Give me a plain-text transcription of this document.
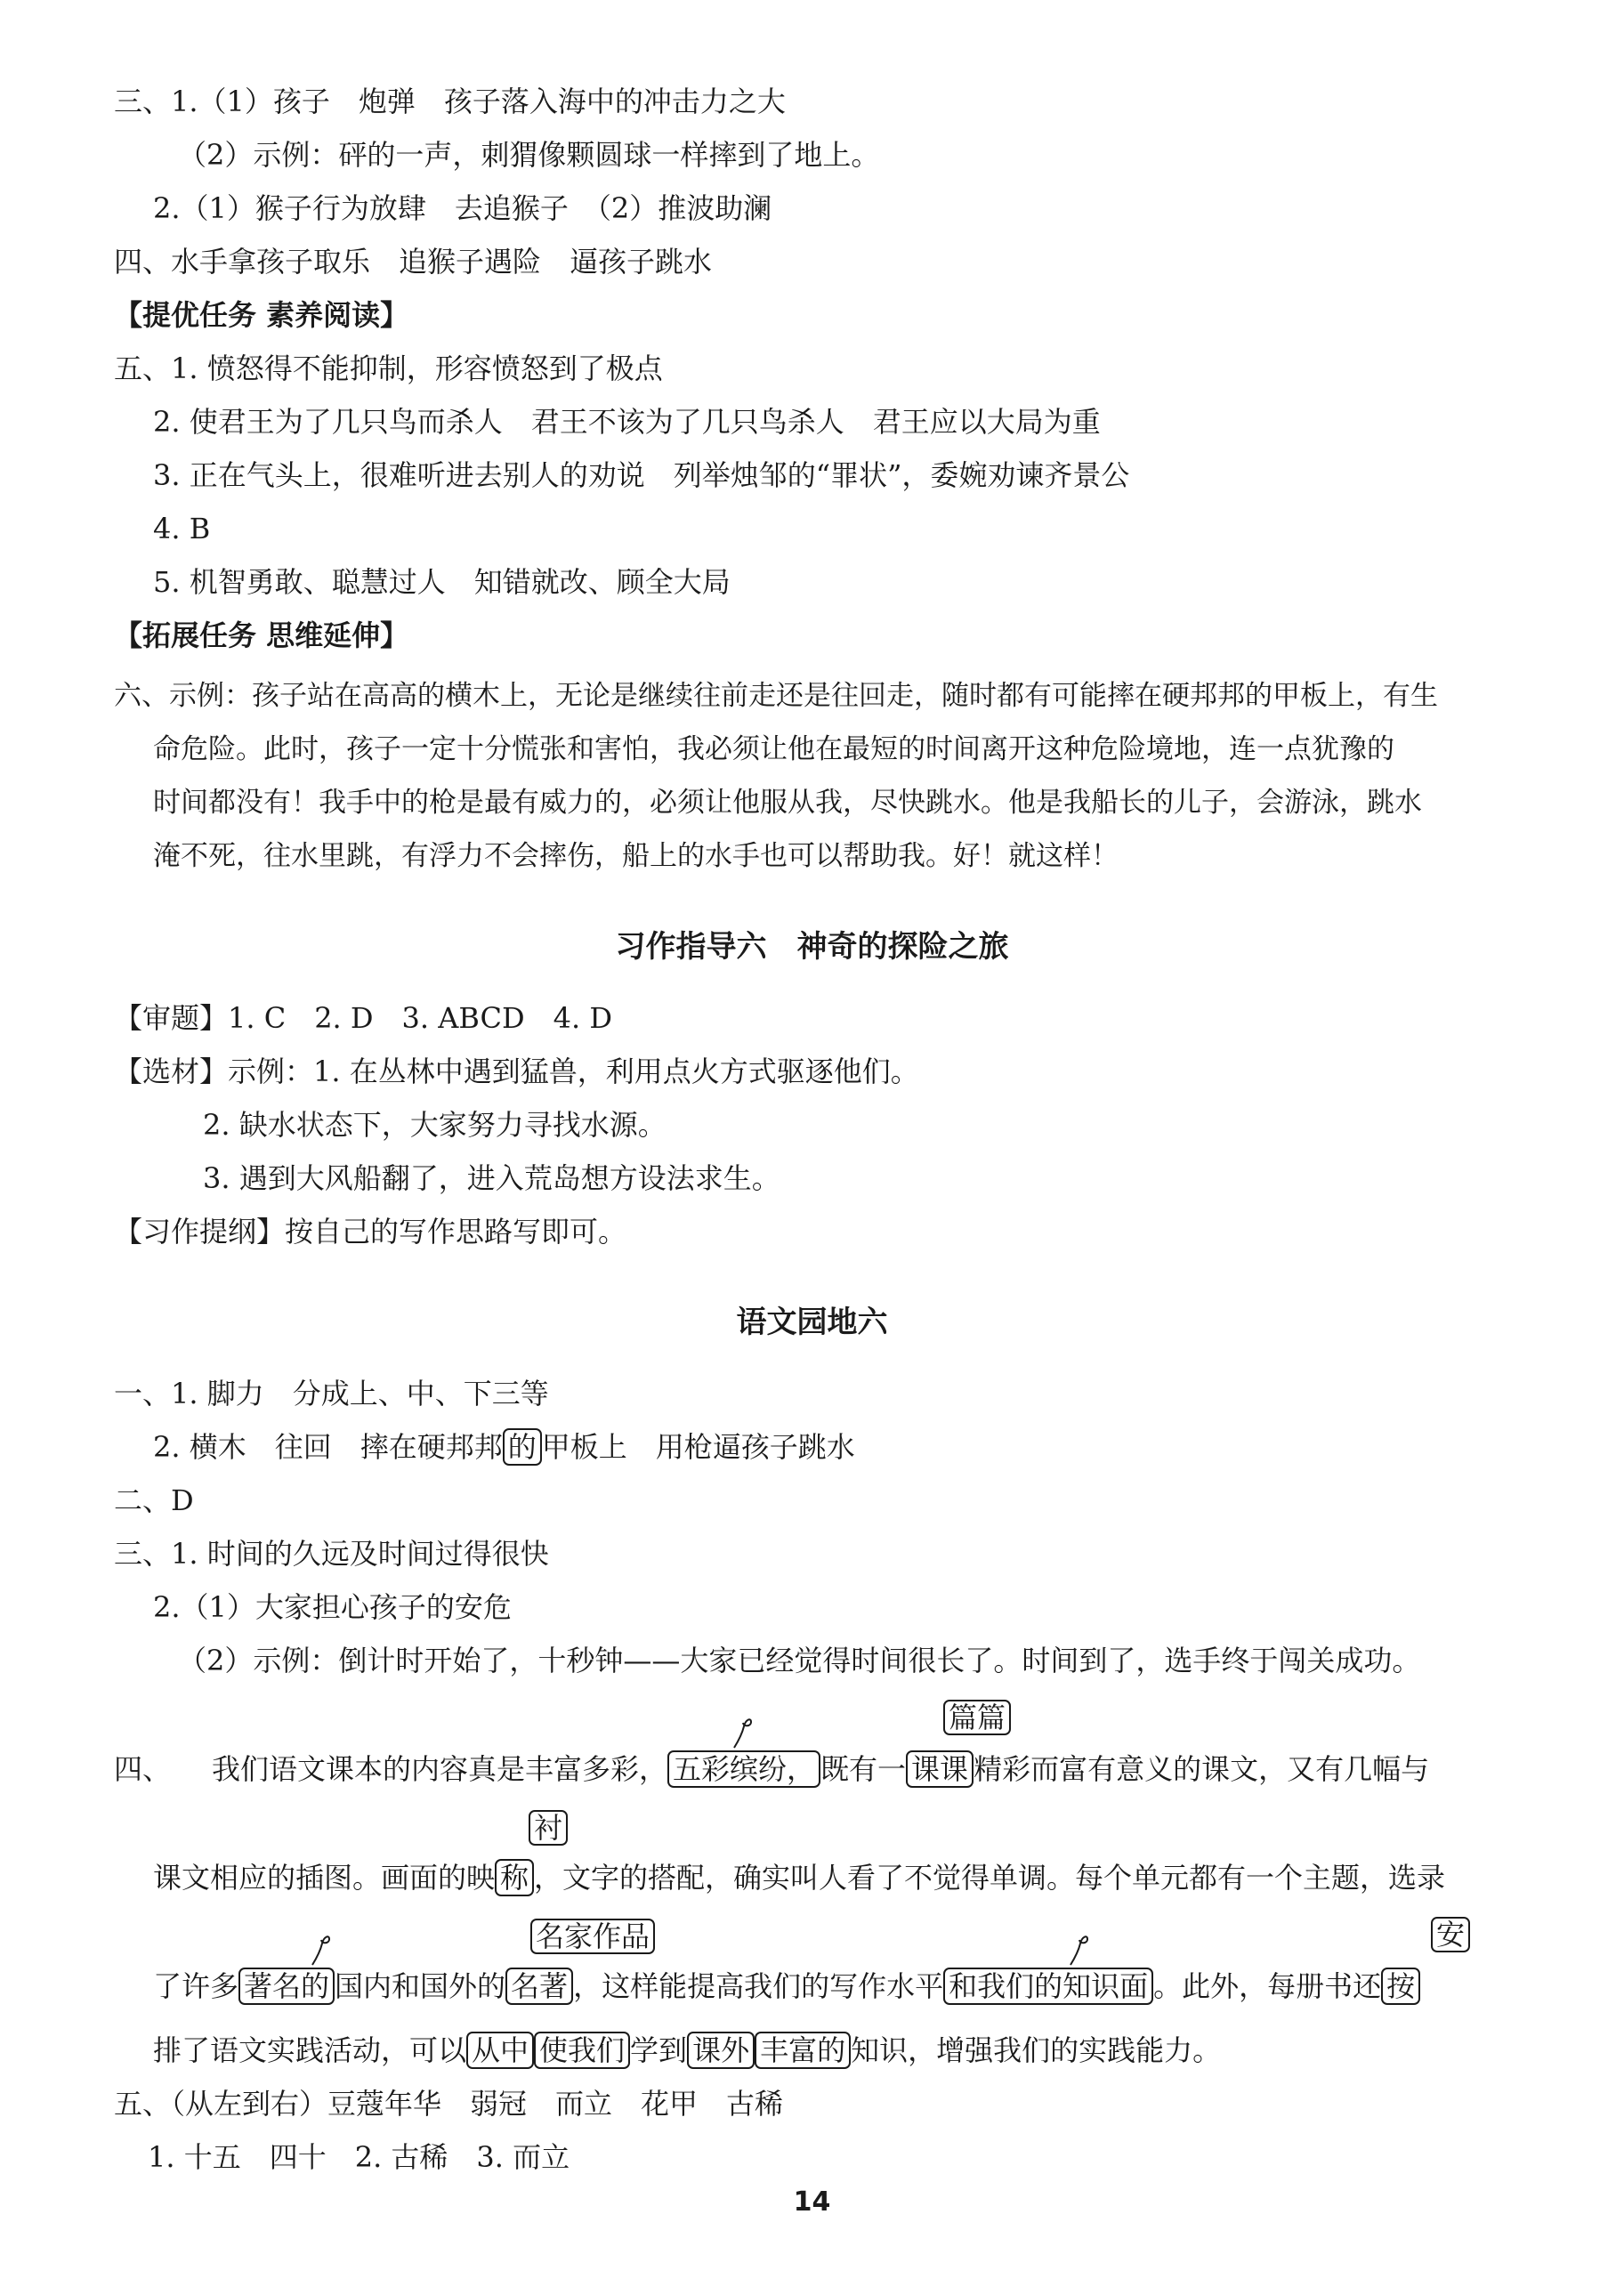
三、1.（1）孩子　炮弹　孩子落入海中的冲击力之大
（2）示例：砰的一声，刺猬像颗圆球一样摔到了地上。
2.（1）猴子行为放肆　去追猴子　（2）推波助澜
四、水手拿孩子取乐　追猴子遇险　逼孩子跳水
【提优任务 素养阅读】
五、1. 愤怒得不能抑制，形容愤怒到了极点
2. 使君王为了几只鸟而杀人　君王不该为了几只鸟杀人　君王应以大局为重
3. 正在气头上，很难听进去别人的劝说　列举烛邹的“罪状”，委婉劝谏齐景公
4. B
5. 机智勇敢、聪慧过人　知错就改、顾全大局
【拓展任务 思维延伸】
六、示例：孩子站在高高的横木上，无论是继续往前走还是往回走，随时都有可能摔在硬邦邦的甲板上，有生
命危险。此时，孩子一定十分慌张和害怕，我必须让他在最短的时间离开这种危险境地，连一点犹豫的
时间都没有！我手中的枪是最有威力的，必须让他服从我，尽快跳水。他是我船长的儿子，会游泳，跳水
淹不死，往水里跳，有浮力不会摔伤，船上的水手也可以帮助我。好！就这样！
习作指导六　神奇的探险之旅
【审题】1. C　2. D　3. ABCD　4. D
【选材】示例：1. 在丛林中遇到猛兽，利用点火方式驱逐他们。
2. 缺水状态下，大家努力寻找水源。
3. 遇到大风船翻了，进入荒岛想方设法求生。
【习作提纲】按自己的写作思路写即可。
语文园地六
一、1. 脚力　分成上、中、下三等
2. 横木　往回　摔在硬邦邦 的 甲板上　用枪逼孩子跳水
二、D
三、1. 时间的久远及时间过得很快
2.（1）大家担心孩子的安危
（2）示例：倒计时开始了，十秒钟——大家已经觉得时间很长了。时间到了，选手终于闯关成功。
四、 我们语文课本的内容真是丰富多彩， 五彩缤纷， 既有一 课课 精彩而富有意义的课文，又有几幅与
篇篇
课文相应的插图。画面的映 称 ，文字的搭配，确实叫人看了不觉得单调。每个单元都有一个主题，选录
衬
了许多 著名的 国内和国外的 名著 ，这样能提高我们的写作水平 和我们的知识面 。此外，每册书还 按
名家作品	安
排了语文实践活动，可以 从中 使我们 学到 课外 丰富的 知识，增强我们的实践能力。
五、（从左到右）豆蔻年华　弱冠　而立　花甲　古稀
1. 十五　四十　2. 古稀　3. 而立
14
